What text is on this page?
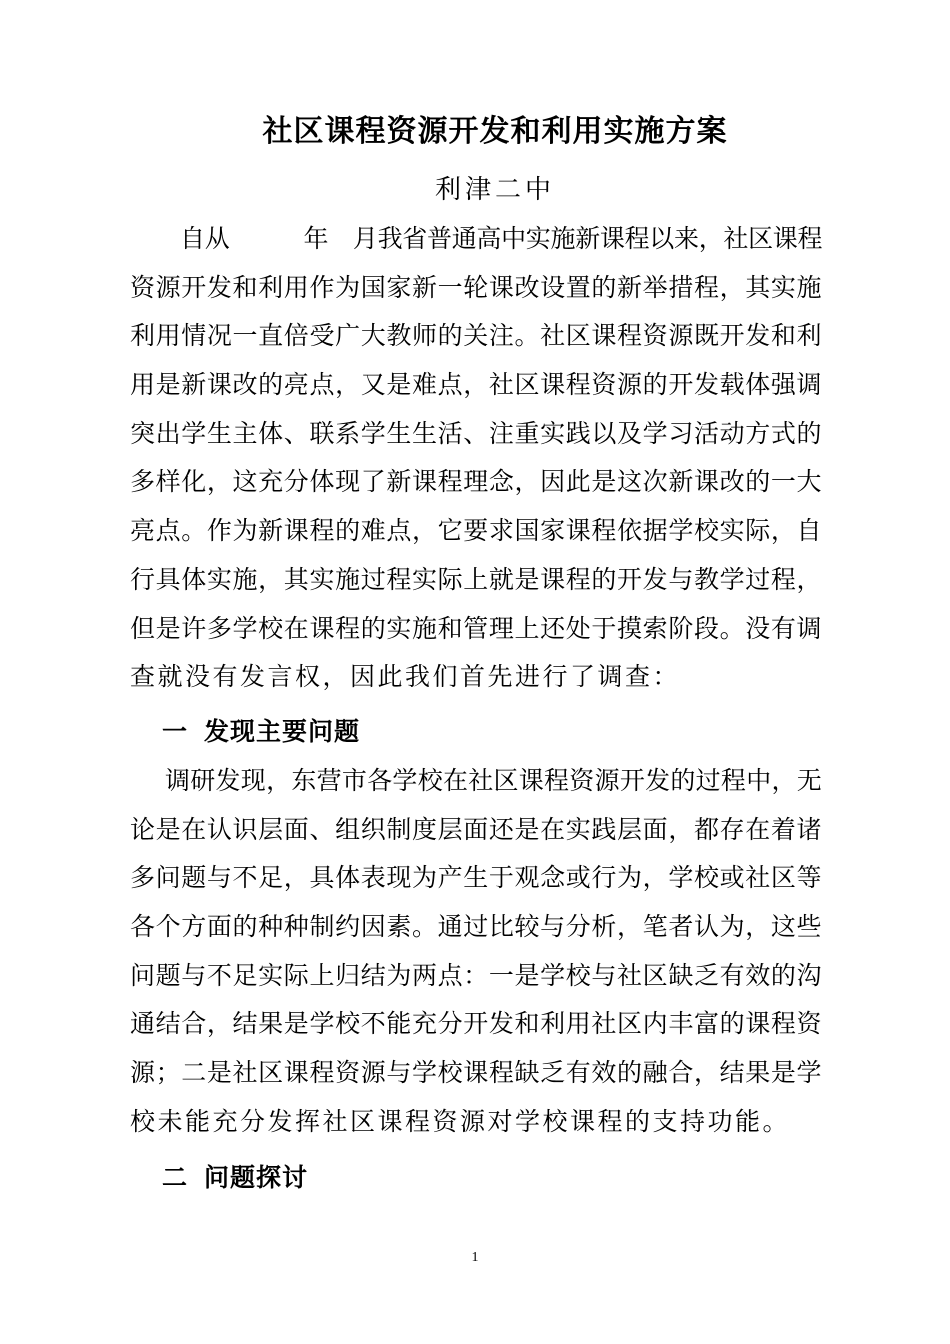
社区课程资源开发和利用实施方案
利津二中
自从　　　年　月我省普通高中实施新课程以来，社区课程
资源开发和利用作为国家新一轮课改设置的新举措程，其实施
利用情况一直倍受广大教师的关注。社区课程资源既开发和利
用是新课改的亮点，又是难点，社区课程资源的开发载体强调
突出学生主体、联系学生生活、注重实践以及学习活动方式的
多样化，这充分体现了新课程理念，因此是这次新课改的一大
亮点。作为新课程的难点，它要求国家课程依据学校实际，自
行具体实施，其实施过程实际上就是课程的开发与教学过程，
但是许多学校在课程的实施和管理上还处于摸索阶段。没有调
查就没有发言权，因此我们首先进行了调查：
一 发现主要问题
调研发现，东营市各学校在社区课程资源开发的过程中，无
论是在认识层面、组织制度层面还是在实践层面，都存在着诸
多问题与不足，具体表现为产生于观念或行为，学校或社区等
各个方面的种种制约因素。通过比较与分析，笔者认为，这些
问题与不足实际上归结为两点：一是学校与社区缺乏有效的沟
通结合，结果是学校不能充分开发和利用社区内丰富的课程资
源；二是社区课程资源与学校课程缺乏有效的融合，结果是学
校未能充分发挥社区课程资源对学校课程的支持功能。
二 问题探讨
1
